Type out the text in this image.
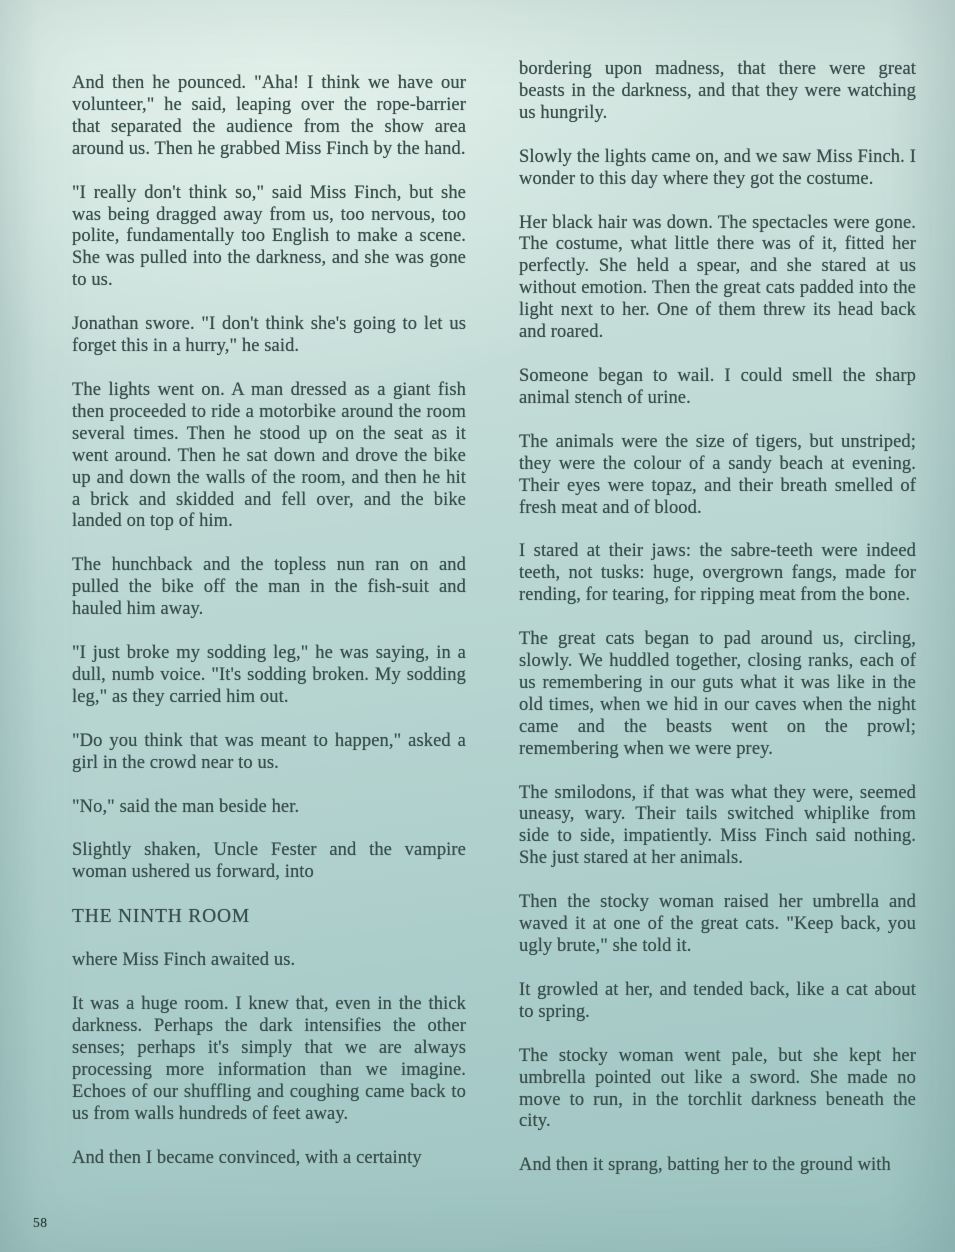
And then he pounced. "Aha! I think we have our volunteer," he said, leaping over the rope-barrier that separated the audience from the show area around us. Then he grabbed Miss Finch by the hand.

"I really don't think so," said Miss Finch, but she was being dragged away from us, too nervous, too polite, fundamentally too English to make a scene. She was pulled into the darkness, and she was gone to us.

Jonathan swore. "I don't think she's going to let us forget this in a hurry," he said.

The lights went on. A man dressed as a giant fish then proceeded to ride a motorbike around the room several times. Then he stood up on the seat as it went around. Then he sat down and drove the bike up and down the walls of the room, and then he hit a brick and skidded and fell over, and the bike landed on top of him.

The hunchback and the topless nun ran on and pulled the bike off the man in the fish-suit and hauled him away.

"I just broke my sodding leg," he was saying, in a dull, numb voice. "It's sodding broken. My sodding leg," as they carried him out.

"Do you think that was meant to happen," asked a girl in the crowd near to us.

"No," said the man beside her.

Slightly shaken, Uncle Fester and the vampire woman ushered us forward, into

THE NINTH ROOM

where Miss Finch awaited us.

It was a huge room. I knew that, even in the thick darkness. Perhaps the dark intensifies the other senses; perhaps it's simply that we are always processing more information than we imagine. Echoes of our shuffling and coughing came back to us from walls hundreds of feet away.

And then I became convinced, with a certainty

bordering upon madness, that there were great beasts in the darkness, and that they were watching us hungrily.

Slowly the lights came on, and we saw Miss Finch. I wonder to this day where they got the costume.

Her black hair was down. The spectacles were gone. The costume, what little there was of it, fitted her perfectly. She held a spear, and she stared at us without emotion. Then the great cats padded into the light next to her. One of them threw its head back and roared.

Someone began to wail. I could smell the sharp animal stench of urine.

The animals were the size of tigers, but unstriped; they were the colour of a sandy beach at evening. Their eyes were topaz, and their breath smelled of fresh meat and of blood.

I stared at their jaws: the sabre-teeth were indeed teeth, not tusks: huge, overgrown fangs, made for rending, for tearing, for ripping meat from the bone.

The great cats began to pad around us, circling, slowly. We huddled together, closing ranks, each of us remembering in our guts what it was like in the old times, when we hid in our caves when the night came and the beasts went on the prowl; remembering when we were prey.

The smilodons, if that was what they were, seemed uneasy, wary. Their tails switched whiplike from side to side, impatiently. Miss Finch said nothing. She just stared at her animals.

Then the stocky woman raised her umbrella and waved it at one of the great cats. "Keep back, you ugly brute," she told it.

It growled at her, and tended back, like a cat about to spring.

The stocky woman went pale, but she kept her umbrella pointed out like a sword. She made no move to run, in the torchlit darkness beneath the city.

And then it sprang, batting her to the ground with

58
